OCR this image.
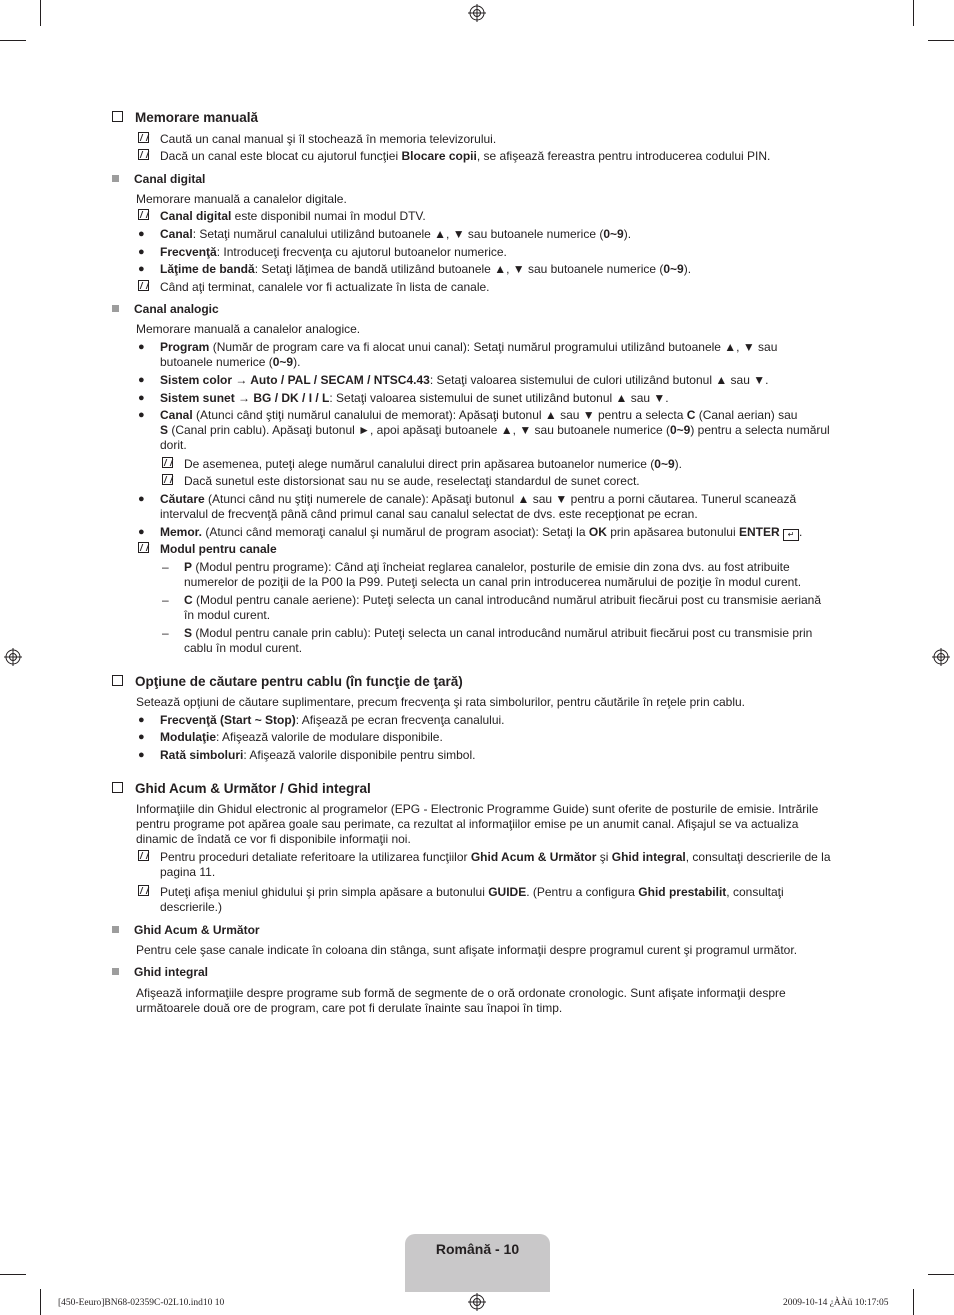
Memorare manuală
Caută un canal manual şi îl stochează în memoria televizorului.
Dacă un canal este blocat cu ajutorul funcţiei Blocare copii, se afişează fereastra pentru introducerea codului PIN.
Canal digital
Memorare manuală a canalelor digitale.
Canal digital este disponibil numai în modul DTV.
● Canal: Setaţi numărul canalului utilizând butoanele ▲, ▼ sau butoanele numerice (0~9).
● Frecvenţă: Introduceţi frecvenţa cu ajutorul butoanelor numerice.
● Lăţime de bandă: Setaţi lăţimea de bandă utilizând butoanele ▲, ▼ sau butoanele numerice (0~9).
Când aţi terminat, canalele vor fi actualizate în lista de canale.
Canal analogic
Memorare manuală a canalelor analogice.
● Program (Număr de program care va fi alocat unui canal): Setaţi numărul programului utilizând butoanele ▲, ▼ sau
butoanele numerice (0~9).
● Sistem color → Auto / PAL / SECAM / NTSC4.43: Setaţi valoarea sistemului de culori utilizând butonul ▲ sau ▼.
● Sistem sunet → BG / DK / I / L: Setaţi valoarea sistemului de sunet utilizând butonul ▲ sau ▼.
● Canal (Atunci când ştiţi numărul canalului de memorat): Apăsaţi butonul ▲ sau ▼ pentru a selecta C (Canal aerian) sau
S (Canal prin cablu). Apăsaţi butonul ►, apoi apăsaţi butoanele ▲, ▼ sau butoanele numerice (0~9) pentru a selecta numărul
dorit.
De asemenea, puteţi alege numărul canalului direct prin apăsarea butoanelor numerice (0~9).
Dacă sunetul este distorsionat sau nu se aude, reselectaţi standardul de sunet corect.
● Căutare (Atunci când nu ştiţi numerele de canale): Apăsaţi butonul ▲ sau ▼ pentru a porni căutarea. Tunerul scanează
intervalul de frecvenţă până când primul canal sau canalul selectat de dvs. este recepţionat pe ecran.
● Memor. (Atunci când memoraţi canalul şi numărul de program asociat): Setaţi la OK prin apăsarea butonului ENTER ↵ .
Modul pentru canale
– P (Modul pentru programe): Când aţi încheiat reglarea canalelor, posturile de emisie din zona dvs. au fost atribuite
numerelor de poziţii de la P00 la P99. Puteţi selecta un canal prin introducerea numărului de poziţie în modul curent.
– C (Modul pentru canale aeriene): Puteţi selecta un canal introducând numărul atribuit fiecărui post cu transmisie aeriană
în modul curent.
– S (Modul pentru canale prin cablu): Puteţi selecta un canal introducând numărul atribuit fiecărui post cu transmisie prin
cablu în modul curent.
Opţiune de căutare pentru cablu (în funcţie de ţară)
Setează opţiuni de căutare suplimentare, precum frecvenţa şi rata simbolurilor, pentru căutările în reţele prin cablu.
● Frecvenţă (Start ~ Stop): Afişează pe ecran frecvenţa canalului.
● Modulaţie: Afişează valorile de modulare disponibile.
● Rată simboluri: Afişează valorile disponibile pentru simbol.
Ghid Acum & Următor / Ghid integral
Informaţiile din Ghidul electronic al programelor (EPG - Electronic Programme Guide) sunt oferite de posturile de emisie. Intrările
pentru programe pot apărea goale sau perimate, ca rezultat al informaţiilor emise pe un anumit canal. Afişajul se va actualiza
dinamic de îndată ce vor fi disponibile informaţii noi.
Pentru proceduri detaliate referitoare la utilizarea funcţiilor Ghid Acum & Următor şi Ghid integral, consultaţi descrierile de la
pagina 11.
Puteţi afişa meniul ghidului şi prin simpla apăsare a butonului GUIDE. (Pentru a configura Ghid prestabilit, consultaţi
descrierile.)
Ghid Acum & Următor
Pentru cele şase canale indicate în coloana din stânga, sunt afişate informaţii despre programul curent şi programul următor.
Ghid integral
Afişează informaţiile despre programe sub formă de segmente de o oră ordonate cronologic. Sunt afişate informaţii despre
următoarele două ore de program, care pot fi derulate înainte sau înapoi în timp.
Română - 10
[450-Eeuro]BN68-02359C-02L10.ind10 10	2009-10-14 ¿ÀÀü 10:17:05
